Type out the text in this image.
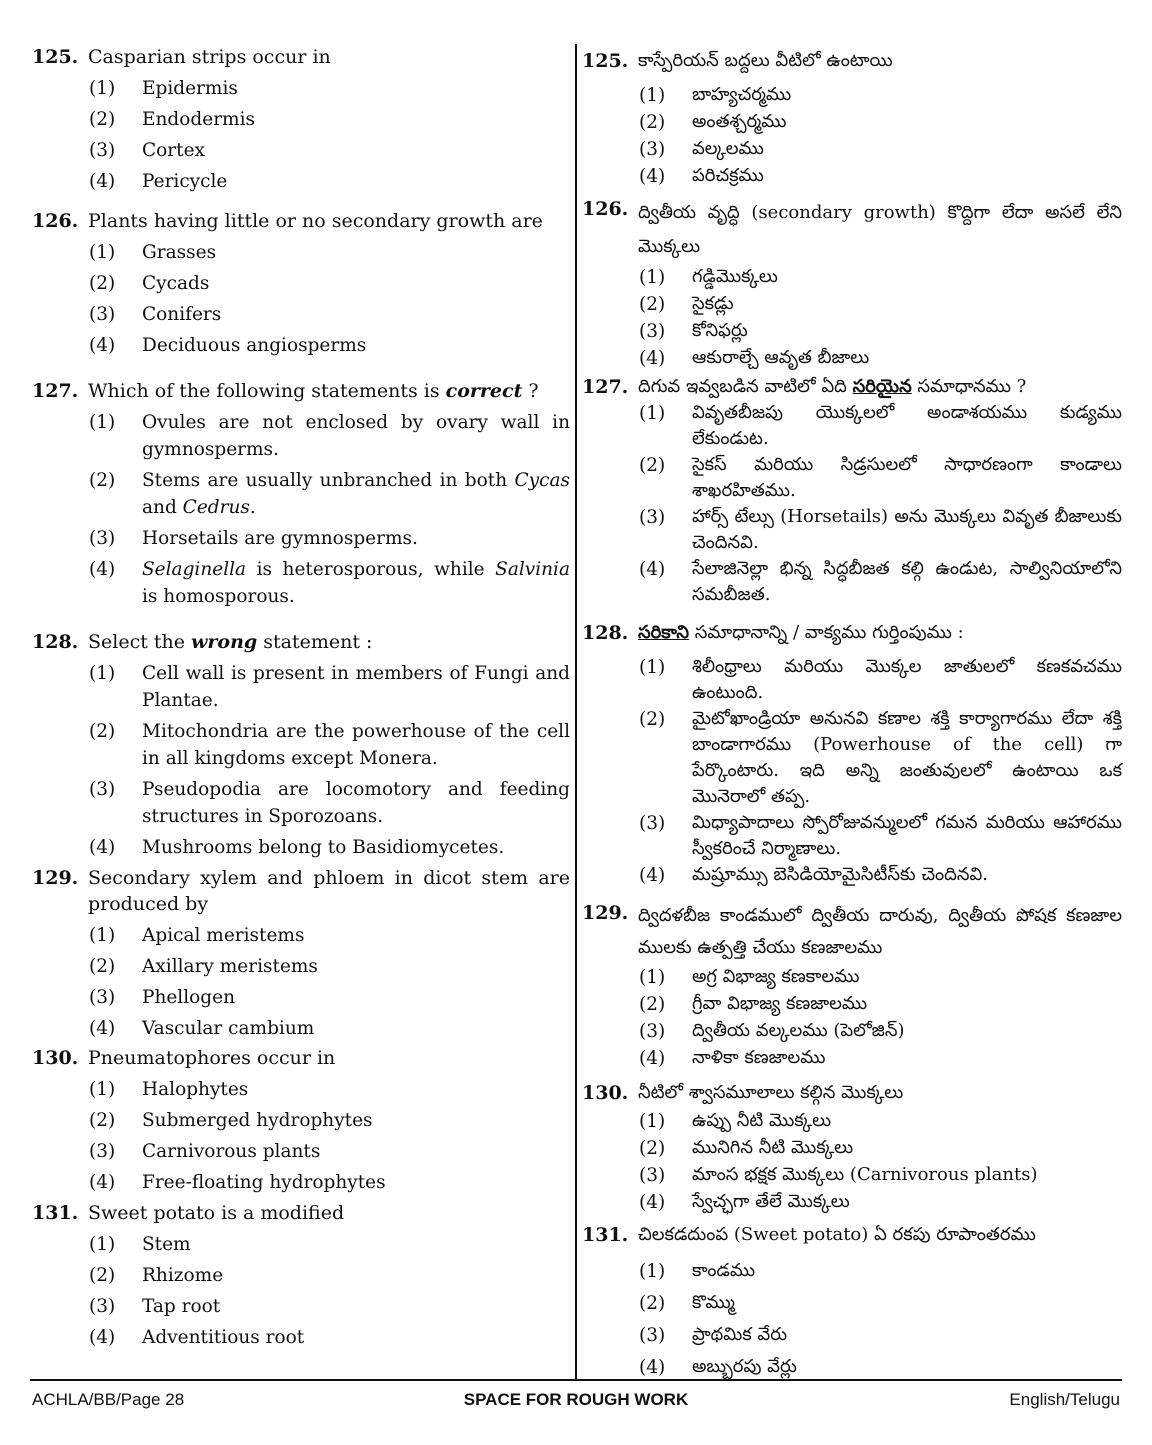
125. Casparian strips occur in
(1)	Epidermis
(2)	Endodermis
(3)	Cortex
(4)	Pericycle
126. Plants having little or no secondary growth are
(1)	Grasses
(2)	Cycads
(3)	Conifers
(4)	Deciduous angiosperms
127. Which of the following statements is correct ?
(1)	Ovules are not enclosed by ovary wall in gymnosperms.
(2)	Stems are usually unbranched in both Cycas and Cedrus.
(3)	Horsetails are gymnosperms.
(4)	Selaginella is heterosporous, while Salvinia is homosporous.
128. Select the wrong statement :
(1)	Cell wall is present in members of Fungi and Plantae.
(2)	Mitochondria are the powerhouse of the cell in all kingdoms except Monera.
(3)	Pseudopodia are locomotory and feeding structures in Sporozoans.
(4)	Mushrooms belong to Basidiomycetes.
129. Secondary xylem and phloem in dicot stem are produced by
(1)	Apical meristems
(2)	Axillary meristems
(3)	Phellogen
(4)	Vascular cambium
130. Pneumatophores occur in
(1)	Halophytes
(2)	Submerged hydrophytes
(3)	Carnivorous plants
(4)	Free-floating hydrophytes
131. Sweet potato is a modified
(1)	Stem
(2)	Rhizome
(3)	Tap root
(4)	Adventitious root
125. కాస్పేరియన్ బద్దలు వీటిలో ఉంటాయి
(1)	బాహ్యచర్మము
(2)	అంతశ్చర్మము
(3)	వల్కలము
(4)	పరిచక్రము
126. ద్వితీయ వృద్ధి (secondary growth) కొద్దిగా లేదా అసలే లేని మొక్కలు
(1)	గడ్డిమొక్కలు
(2)	సైకడ్లు
(3)	కోనిఫర్లు
(4)	ఆకురాల్చే ఆవృత బీజాలు
127. దిగువ ఇవ్వబడిన వాటిలో ఏది సరియైన సమాధానము ?
(1)	వివృతబీజపు యొక్కలలో అండాశయము కుడ్యము లేకుండుట.
(2)	సైకస్ మరియు సిడ్రసులలో సాధారణంగా కాండాలు శాఖరహితము.
(3)	హార్స్ టేల్సు (Horsetails) అను మొక్కలు వివృత బీజాలుకు చెందినవి.
(4)	సేలాజినెల్లా భిన్న సిద్ధబీజత కల్గి ఉండుట, సాల్వినియాలోని సమబీజత.
128. సరికాని సమాధానాన్ని / వాక్యము గుర్తింపుము :
(1)	శిలీంధ్రాలు మరియు మొక్కల జాతులలో కణకవచము ఉంటుంది.
(2)	మైటోఖాండ్రియా అనునవి కణాల శక్తి కార్యాగారము లేదా శక్తి బాండాగారము (Powerhouse of the cell) గా పేర్కొంటారు. ఇది అన్ని జంతువులలో ఉంటాయి ఒక మొనెరాలో తప్ప.
(3)	మిధ్యాపాదాలు స్పోరోజువన్ములలో గమన మరియు ఆహారము స్వీకరించే నిర్మాణాలు.
(4)	మష్రూమ్సు బెసిడియోమైసిటీస్‌కు చెందినవి.
129. ద్విదళబీజ కాండములో ద్వితీయ దారువు, ద్వితీయ పోషక కణజాల ములకు ఉత్పత్తి చేయు కణజాలము
(1)	అగ్ర విభాజ్య కణకాలము
(2)	గ్రీవా విభాజ్య కణజాలము
(3)	ద్వితీయ వల్కలము (పెలోజిన్)
(4)	నాళికా కణజాలము
130. నీటిలో శ్వాసమూలాలు కల్గిన మొక్కలు
(1)	ఉప్పు నీటి మొక్కలు
(2)	మునిగిన నీటి మొక్కలు
(3)	మాంస భక్షక మొక్కలు (Carnivorous plants)
(4)	స్వేచ్ఛగా తేలే మొక్కలు
131. చిలకడదుంప (Sweet potato) ఏ రకపు రూపాంతరము
(1)	కాండము
(2)	కొమ్ము
(3)	ప్రాథమిక వేరు
(4)	అబ్బురపు వేర్లు
ACHLA/BB/Page 28	SPACE FOR ROUGH WORK	English/Telugu
